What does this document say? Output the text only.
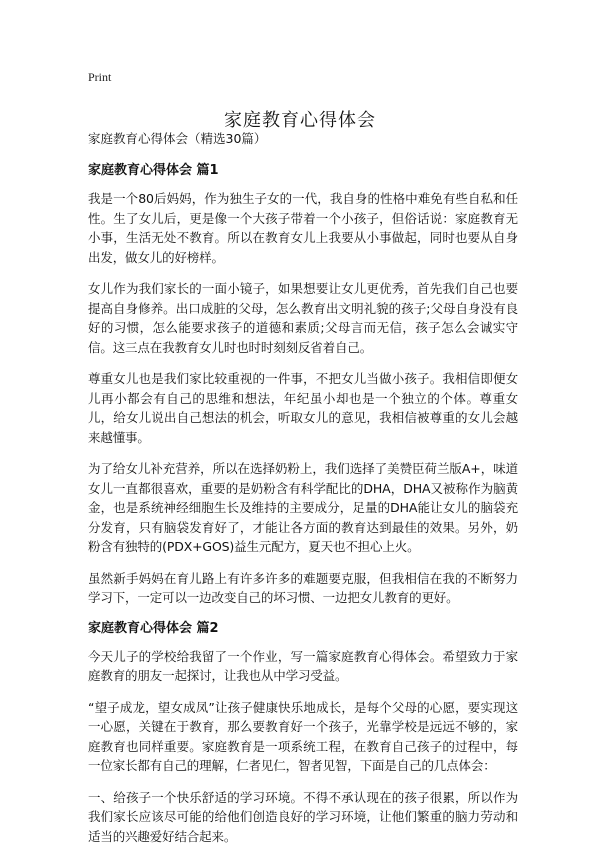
Print
家庭教育心得体会

家庭教育心得体会（精选30篇）

家庭教育心得体会 篇1

我是一个80后妈妈，作为独生子女的一代，我自身的性格中难免有些自私和任性。生了女儿后，更是像一个大孩子带着一个小孩子，但俗话说：家庭教育无小事，生活无处不教育。所以在教育女儿上我要从小事做起，同时也要从自身出发，做女儿的好榜样。

女儿作为我们家长的一面小镜子，如果想要让女儿更优秀，首先我们自己也要提高自身修养。出口成脏的父母，怎么教育出文明礼貌的孩子;父母自身没有良好的习惯，怎么能要求孩子的道德和素质;父母言而无信，孩子怎么会诚实守信。这三点在我教育女儿时也时时刻刻反省着自己。

尊重女儿也是我们家比较重视的一件事，不把女儿当做小孩子。我相信即便女儿再小都会有自己的思维和想法，年纪虽小却也是一个独立的个体。尊重女儿，给女儿说出自己想法的机会，听取女儿的意见，我相信被尊重的女儿会越来越懂事。

为了给女儿补充营养，所以在选择奶粉上，我们选择了美赞臣荷兰版A+，味道女儿一直都很喜欢，重要的是奶粉含有科学配比的DHA，DHA又被称作为脑黄金，也是系统神经细胞生长及维持的主要成分，足量的DHA能让女儿的脑袋充分发育，只有脑袋发育好了，才能让各方面的教育达到最佳的效果。另外，奶粉含有独特的(PDX+GOS)益生元配方，夏天也不担心上火。

虽然新手妈妈在育儿路上有许多许多的难题要克服，但我相信在我的不断努力学习下，一定可以一边改变自己的坏习惯、一边把女儿教育的更好。

家庭教育心得体会 篇2

今天儿子的学校给我留了一个作业，写一篇家庭教育心得体会。希望致力于家庭教育的朋友一起探讨，让我也从中学习受益。

“望子成龙，望女成凤”让孩子健康快乐地成长，是每个父母的心愿，要实现这一心愿，关键在于教育，那么要教育好一个孩子，光靠学校是远远不够的，家庭教育也同样重要。家庭教育是一项系统工程，在教育自己孩子的过程中，每一位家长都有自己的理解，仁者见仁，智者见智，下面是自己的几点体会：

一、给孩子一个快乐舒适的学习环境。不得不承认现在的孩子很累，所以作为我们家长应该尽可能的给他们创造良好的学习环境，让他们繁重的脑力劳动和适当的兴趣爱好结合起来。
